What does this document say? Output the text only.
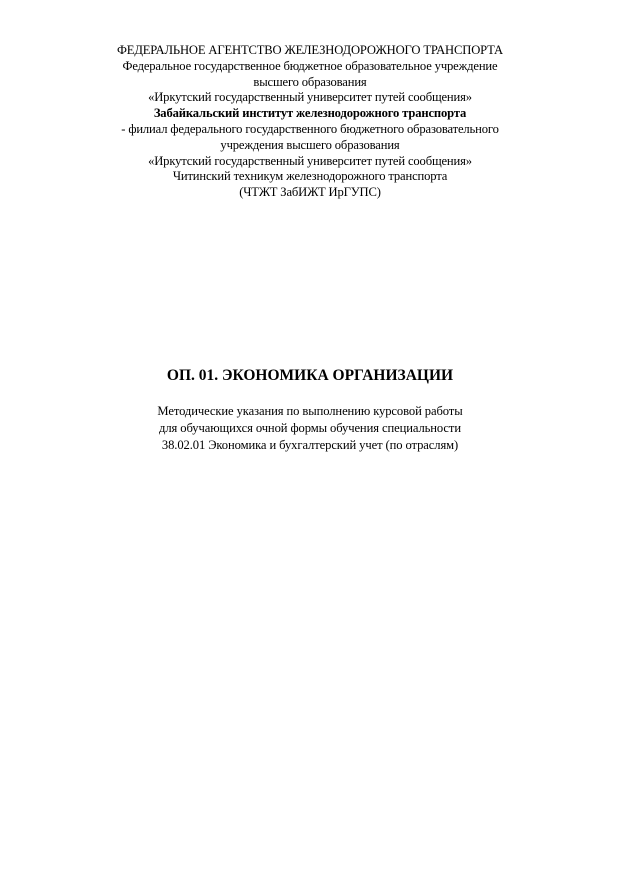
ФЕДЕРАЛЬНОЕ АГЕНТСТВО ЖЕЛЕЗНОДОРОЖНОГО ТРАНСПОРТА
Федеральное государственное бюджетное образовательное учреждение
высшего образования
«Иркутский государственный университет путей сообщения»
Забайкальский институт железнодорожного транспорта
- филиал федерального государственного бюджетного образовательного
учреждения высшего образования
«Иркутский государственный университет путей сообщения»
Читинский техникум железнодорожного транспорта
(ЧТЖТ ЗабИЖТ ИрГУПС)
ОП. 01. ЭКОНОМИКА ОРГАНИЗАЦИИ
Методические указания по выполнению курсовой работы
для обучающихся очной формы обучения специальности
38.02.01 Экономика и бухгалтерский учет (по отраслям)
